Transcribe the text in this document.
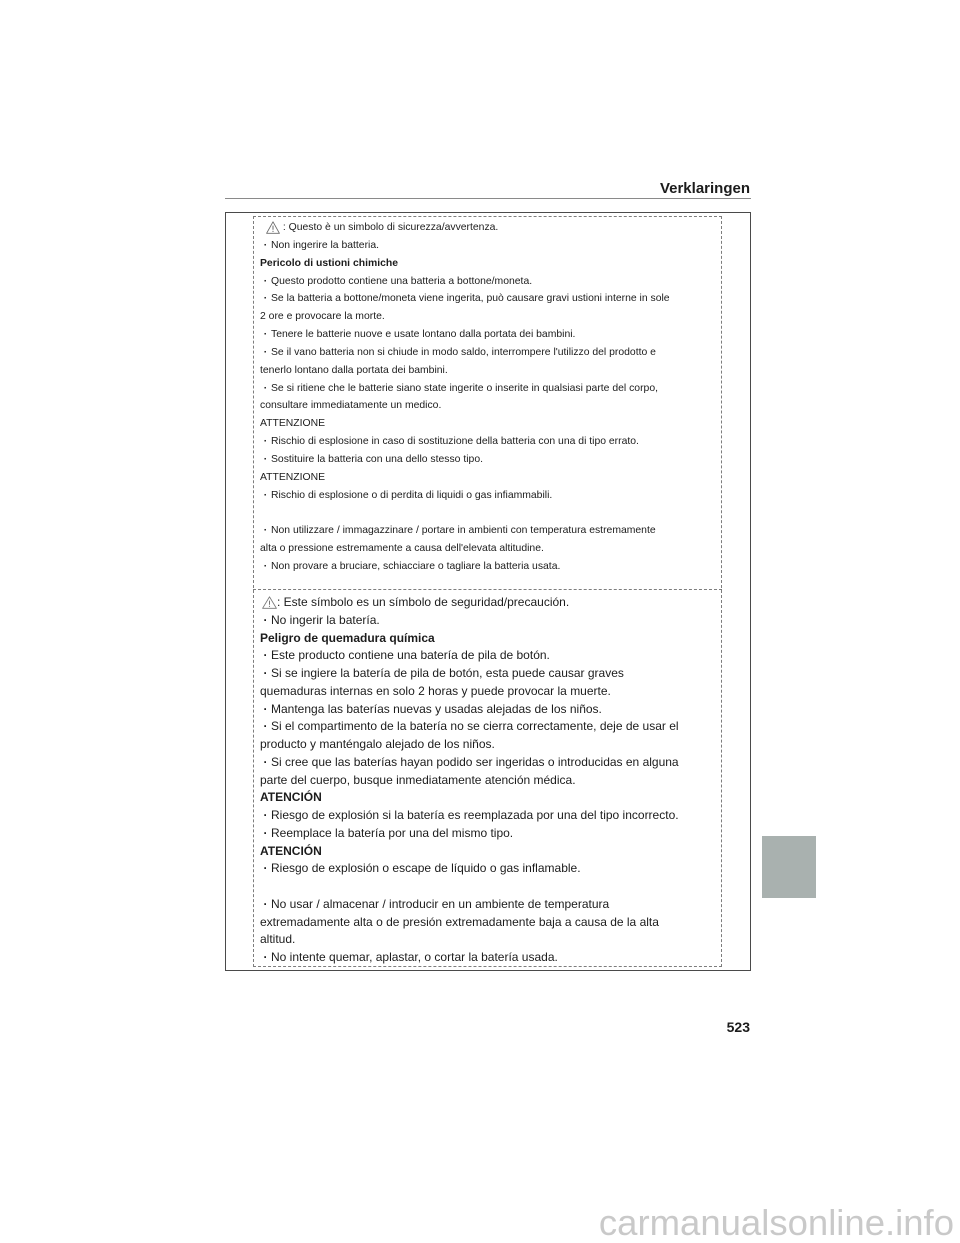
Verklaringen
: Questo è un simbolo di sicurezza/avvertenza.
· Non ingerire la batteria.
Pericolo di ustioni chimiche
· Questo prodotto contiene una batteria a bottone/moneta.
· Se la batteria a bottone/moneta viene ingerita, può causare gravi ustioni interne in sole
2 ore e provocare la morte.
· Tenere le batterie nuove e usate lontano dalla portata dei bambini.
· Se il vano batteria non si chiude in modo saldo, interrompere l'utilizzo del prodotto e
tenerlo lontano dalla portata dei bambini.
· Se si ritiene che le batterie siano state ingerite o inserite in qualsiasi parte del corpo,
consultare immediatamente un medico.
ATTENZIONE
· Rischio di esplosione in caso di sostituzione della batteria con una di tipo errato.
· Sostituire la batteria con una dello stesso tipo.
ATTENZIONE
· Rischio di esplosione o di perdita di liquidi o gas infiammabili.
· Non utilizzare / immagazzinare / portare in ambienti con temperatura estremamente
alta o pressione estremamente a causa dell'elevata altitudine.
· Non provare a bruciare, schiacciare o tagliare la batteria usata.
: Este símbolo es un símbolo de seguridad/precaución.
· No ingerir la batería.
Peligro de quemadura química
· Este producto contiene una batería de pila de botón.
· Si se ingiere la batería de pila de botón, esta puede causar graves
quemaduras internas en solo 2 horas y puede provocar la muerte.
· Mantenga las baterías nuevas y usadas alejadas de los niños.
· Si el compartimento de la batería no se cierra correctamente, deje de usar el
producto y manténgalo alejado de los niños.
· Si cree que las baterías hayan podido ser ingeridas o introducidas en alguna
parte del cuerpo, busque inmediatamente atención médica.
ATENCIÓN
· Riesgo de explosión si la batería es reemplazada por una del tipo incorrecto.
· Reemplace la batería por una del mismo tipo.
ATENCIÓN
· Riesgo de explosión o escape de líquido o gas inflamable.
· No usar / almacenar / introducir en un ambiente de temperatura
extremadamente alta o de presión extremadamente baja a causa de la alta
altitud.
· No intente quemar, aplastar, o cortar la batería usada.
523
carmanualsonline.info
